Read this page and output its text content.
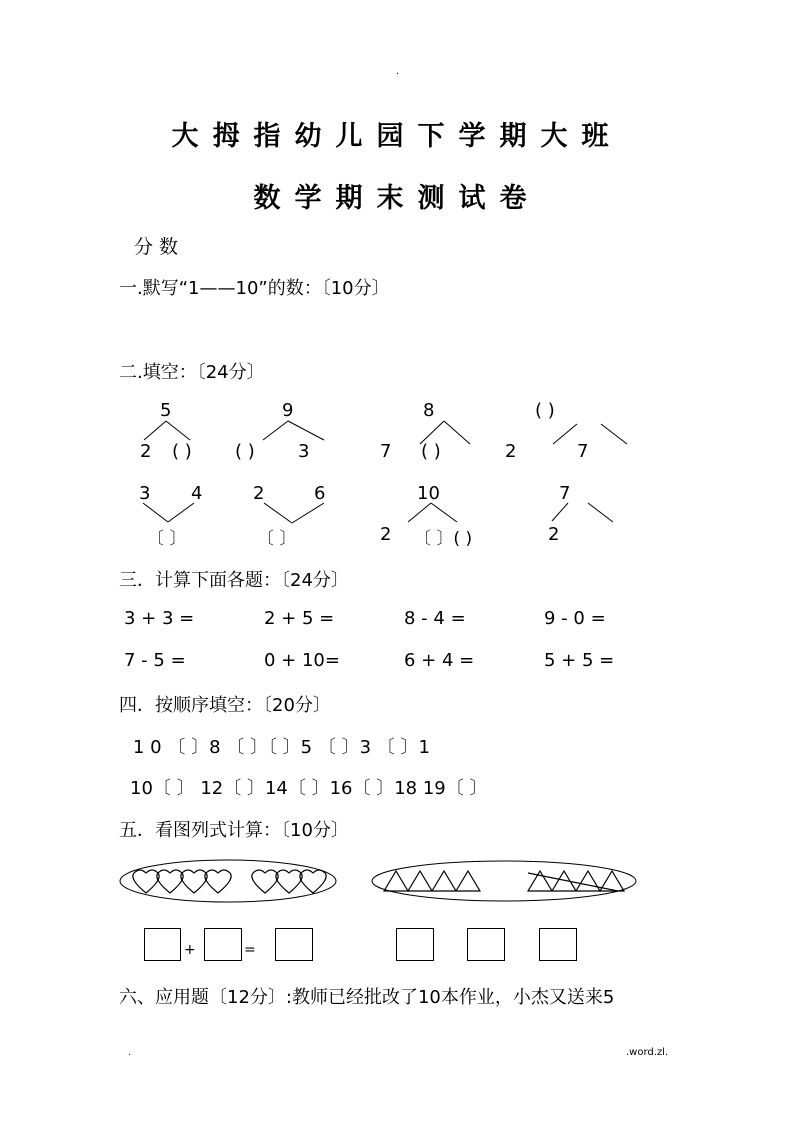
.
大拇指幼儿园下学期大班
数学期末测试卷
分 数
一.默写“1——10”的数：〔10分〕
二.填空：〔24分〕
5
2 ( )
9
( ) 3
8
7 ( )
( )
2	7
3 4
〔 〕
2	6
〔 〕
10
2 〔 〕( )
7
2
三．计算下面各题：〔24分〕
3 + 3 =	2 + 5 =	8 - 4 =	9 - 0 =
7 - 5 =	0 + 10=	6 + 4 =	5 + 5 =
四．按顺序填空：〔20分〕
1 0 〔 〕8 〔 〕〔 〕5 〔 〕3 〔 〕1
10〔 〕 12〔 〕14〔 〕16〔 〕18 19〔 〕
五．看图列式计算：〔10分〕
+	=
六、应用题〔12分〕:教师已经批改了10本作业，小杰又送来5
.	.word.zl.
